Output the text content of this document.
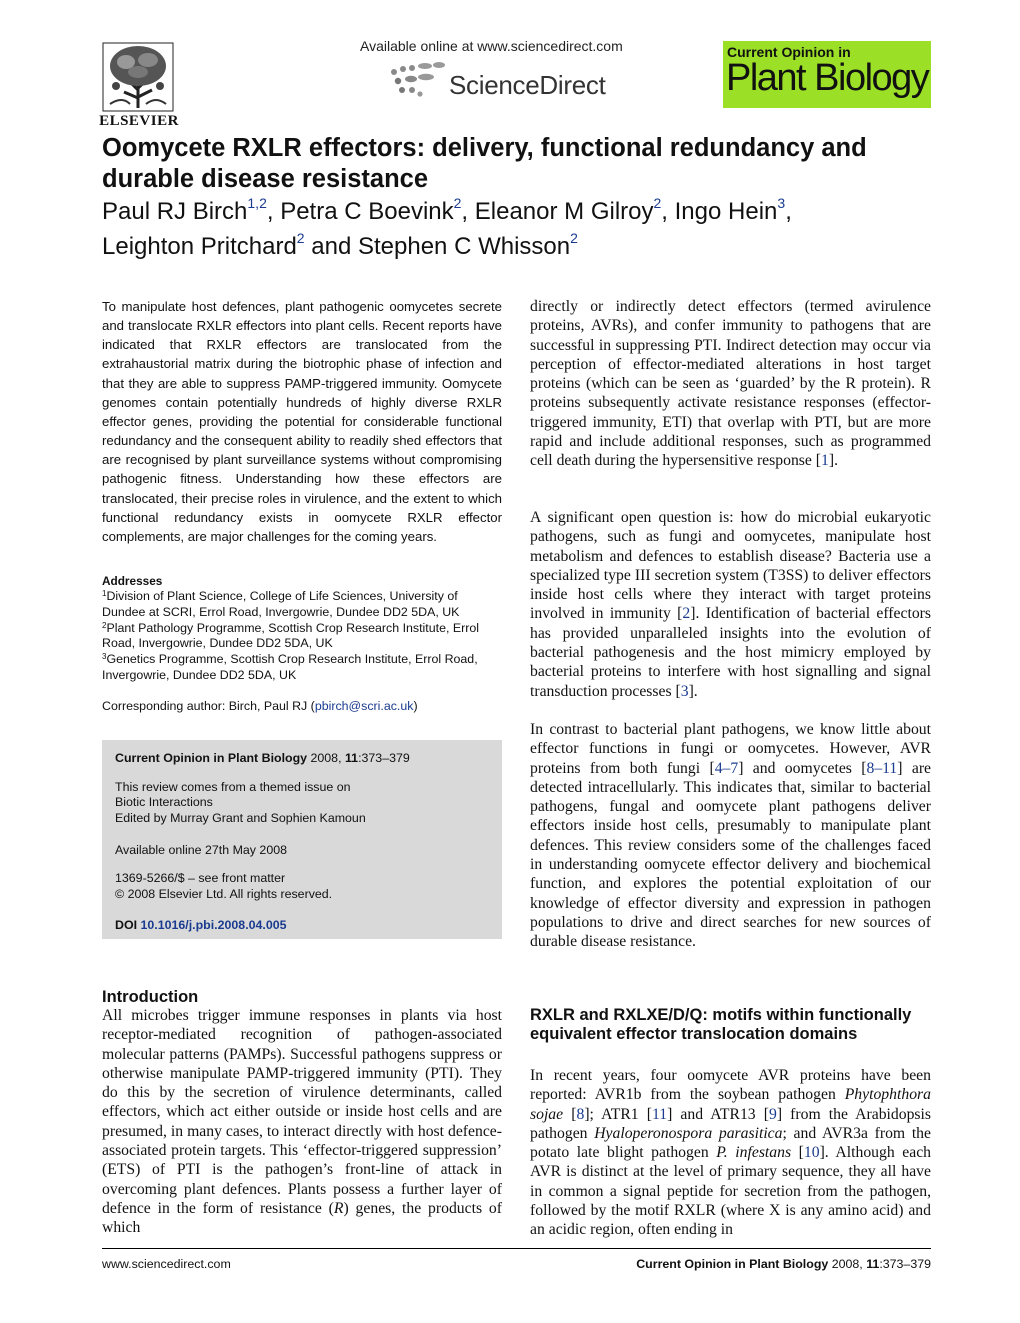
ELSEVIER
Available online at www.sciencedirect.com
ScienceDirect
Current Opinion in
Plant Biology
Oomycete RXLR effectors: delivery, functional redundancy and
durable disease resistance

Paul RJ Birch$^{1,2}$, Petra C Boevink$^2$, Eleanor M Gilroy$^2$, Ingo Hein$^3$,
Leighton Pritchard$^2$ and Stephen C Whisson$^2$

To manipulate host defences, plant pathogenic oomycetes secrete and translocate RXLR effectors into plant cells. Recent reports have indicated that RXLR effectors are translocated from the extrahaustorial matrix during the biotrophic phase of infection and that they are able to suppress PAMP-triggered immunity. Oomycete genomes contain potentially hundreds of highly diverse RXLR effector genes, providing the potential for considerable functional redundancy and the consequent ability to readily shed effectors that are recognised by plant surveillance systems without compromising pathogenic fitness. Understanding how these effectors are translocated, their precise roles in virulence, and the extent to which functional redundancy exists in oomycete RXLR effector complements, are major challenges for the coming years.

Addresses

$^1$Division of Plant Science, College of Life Sciences, University of Dundee at SCRI, Errol Road, Invergowrie, Dundee DD2 5DA, UK

$^2$Plant Pathology Programme, Scottish Crop Research Institute, Errol Road, Invergowrie, Dundee DD2 5DA, UK

$^3$Genetics Programme, Scottish Crop Research Institute, Errol Road, Invergowrie, Dundee DD2 5DA, UK

Corresponding author: Birch, Paul RJ (pbirch@scri.ac.uk)
Current Opinion in Plant Biology 2008, 11:373–379
This review comes from a themed issue on
Biotic Interactions
Edited by Murray Grant and Sophien Kamoun
Available online 27th May 2008
1369-5266/$ – see front matter
© 2008 Elsevier Ltd. All rights reserved.
DOI 10.1016/j.pbi.2008.04.005
Introduction

All microbes trigger immune responses in plants via host receptor-mediated recognition of pathogen-associated molecular patterns (PAMPs). Successful pathogens suppress or otherwise manipulate PAMP-triggered immunity (PTI). They do this by the secretion of virulence determinants, called effectors, which act either outside or inside host cells and are presumed, in many cases, to interact directly with host defence-associated protein targets. This ‘effector-triggered suppression’ (ETS) of PTI is the pathogen’s front-line of attack in overcoming plant defences. Plants possess a further layer of defence in the form of resistance (R) genes, the products of which

directly or indirectly detect effectors (termed avirulence proteins, AVRs), and confer immunity to pathogens that are successful in suppressing PTI. Indirect detection may occur via perception of effector-mediated alterations in host target proteins (which can be seen as ‘guarded’ by the R protein). R proteins subsequently activate resistance responses (effector-triggered immunity, ETI) that overlap with PTI, but are more rapid and include additional responses, such as programmed cell death during the hypersensitive response [1].

A significant open question is: how do microbial eukaryotic pathogens, such as fungi and oomycetes, manipulate host metabolism and defences to establish disease? Bacteria use a specialized type III secretion system (T3SS) to deliver effectors inside host cells where they interact with target proteins involved in immunity [2]. Identification of bacterial effectors has provided unparalleled insights into the evolution of bacterial pathogenesis and the host mimicry employed by bacterial proteins to interfere with host signalling and signal transduction processes [3].

In contrast to bacterial plant pathogens, we know little about effector functions in fungi or oomycetes. However, AVR proteins from both fungi [4–7] and oomycetes [8–11] are detected intracellularly. This indicates that, similar to bacterial pathogens, fungal and oomycete plant pathogens deliver effectors inside host cells, presumably to manipulate plant defences. This review considers some of the challenges faced in understanding oomycete effector delivery and biochemical function, and explores the potential exploitation of our knowledge of effector diversity and expression in pathogen populations to drive and direct searches for new sources of durable disease resistance.

RXLR and RXLXE/D/Q: motifs within functionally equivalent effector translocation domains

In recent years, four oomycete AVR proteins have been reported: AVR1b from the soybean pathogen Phytophthora sojae [8]; ATR1 [11] and ATR13 [9] from the Arabidopsis pathogen Hyaloperonospora parasitica; and AVR3a from the potato late blight pathogen P. infestans [10]. Although each AVR is distinct at the level of primary sequence, they all have in common a signal peptide for secretion from the pathogen, followed by the motif RXLR (where X is any amino acid) and an acidic region, often ending in

www.sciencedirect.com	Current Opinion in Plant Biology 2008, 11:373–379
